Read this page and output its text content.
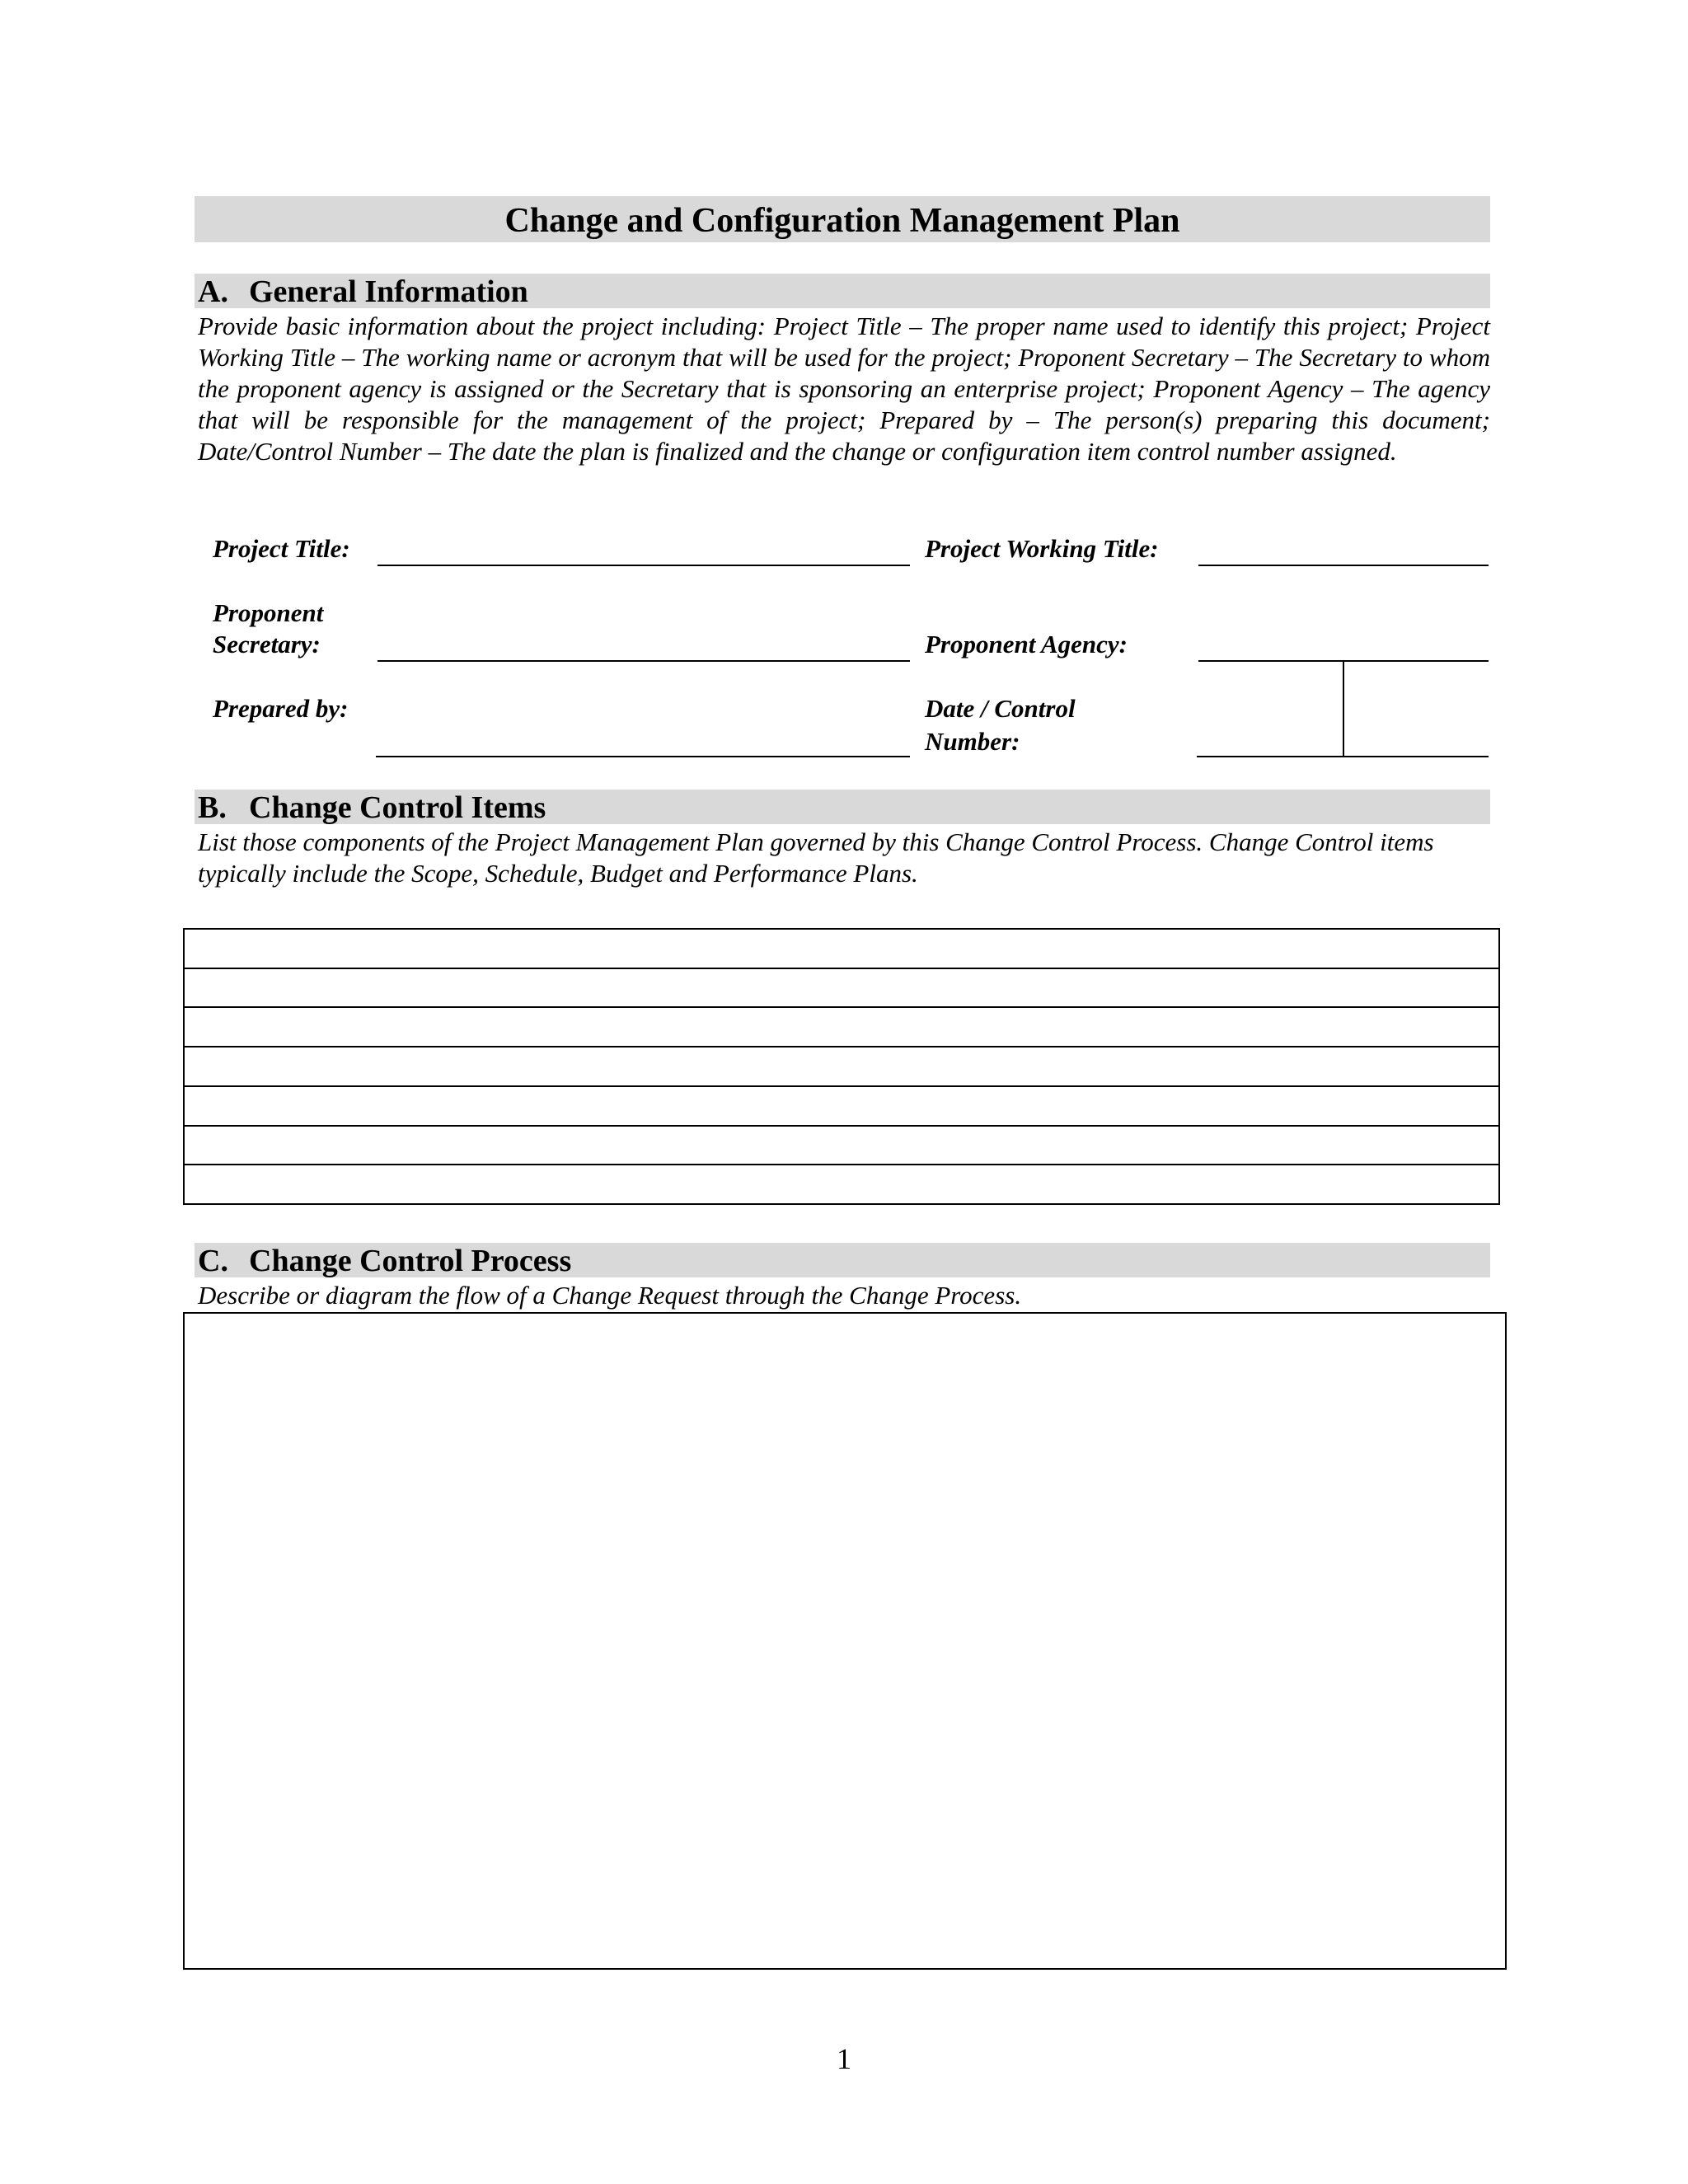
Change and Configuration Management Plan
A. General Information
Provide basic information about the project including: Project Title – The proper name used to identify this project; Project Working Title – The working name or acronym that will be used for the project; Proponent Secretary – The Secretary to whom the proponent agency is assigned or the Secretary that is sponsoring an enterprise project; Proponent Agency – The agency that will be responsible for the management of the project; Prepared by – The person(s) preparing this document; Date/Control Number – The date the plan is finalized and the change or configuration item control number assigned.
Project Title:	Project Working Title:
Proponent
Secretary:	Proponent Agency:
Prepared by:	Date / Control
Number:
B. Change Control Items
List those components of the Project Management Plan governed by this Change Control Process. Change Control items typically include the Scope, Schedule, Budget and Performance Plans.

C. Change Control Process
Describe or diagram the flow of a Change Request through the Change Process.
1
